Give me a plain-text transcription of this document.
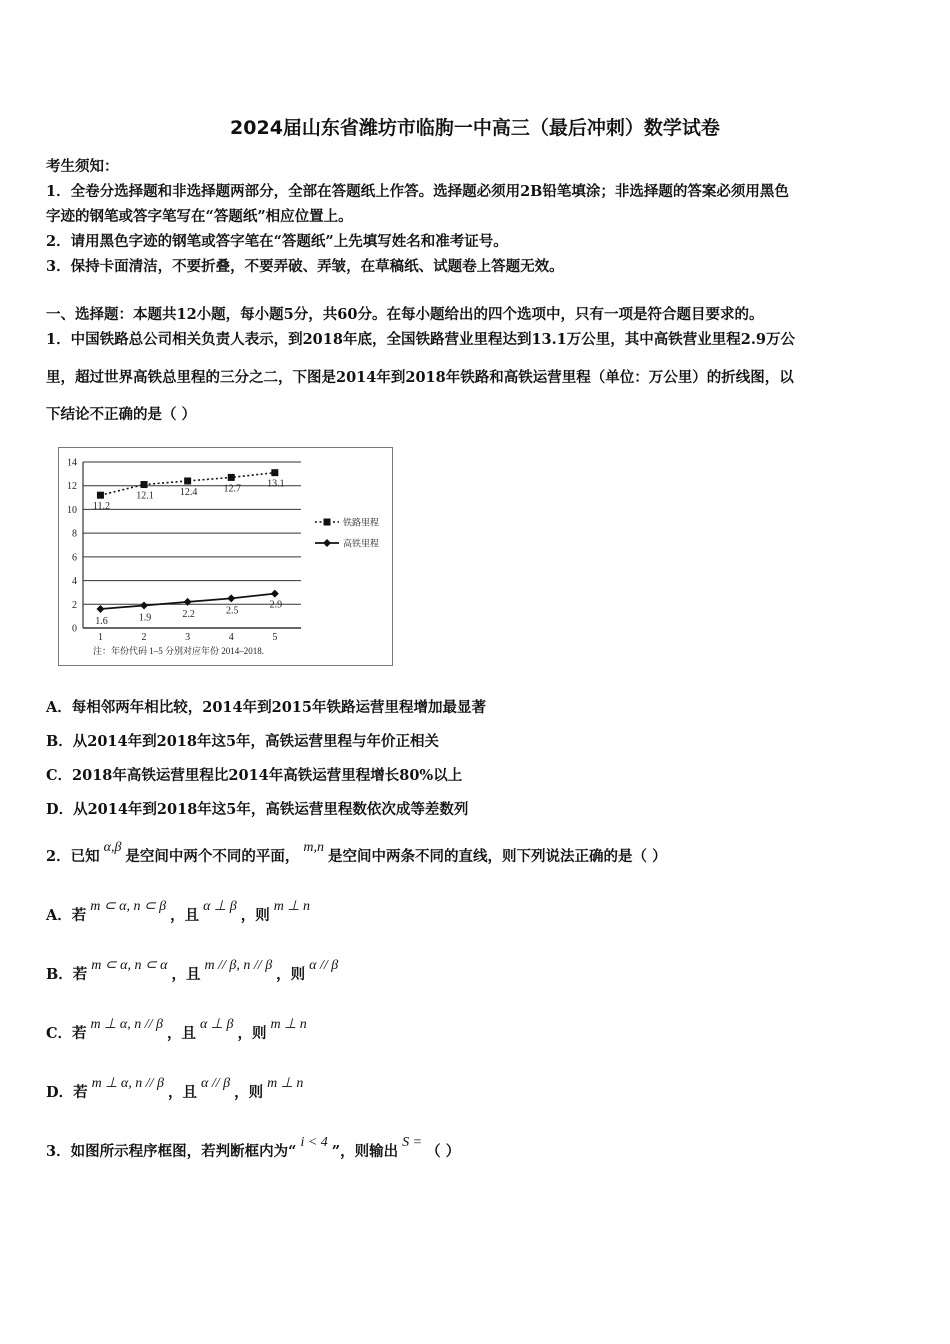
2024届山东省潍坊市临朐一中高三（最后冲刺）数学试卷
考生须知：
1．全卷分选择题和非选择题两部分，全部在答题纸上作答。选择题必须用2B铅笔填涂；非选择题的答案必须用黑色
字迹的钢笔或答字笔写在“答题纸”相应位置上。
2．请用黑色字迹的钢笔或答字笔在“答题纸”上先填写姓名和准考证号。
3．保持卡面清洁，不要折叠，不要弄破、弄皱，在草稿纸、试题卷上答题无效。
一、选择题：本题共12小题，每小题5分，共60分。在每小题给出的四个选项中，只有一项是符合题目要求的。
1．中国铁路总公司相关负责人表示，到2018年底，全国铁路营业里程达到13.1万公里，其中高铁营业里程2.9万公
里，超过世界高铁总里程的三分之二，下图是2014年到2018年铁路和高铁运营里程（单位：万公里）的折线图，以
下结论不正确的是（ ）
0
2
4
6
8
10
12
14
1	2	3	4	5
11.2
12.1	12.4	12.7	13.1
1.6	1.9	2.2	2.5
2.9
铁路里程
高铁里程
注：年份代码 1–5 分别对应年份 2014–2018.
A．每相邻两年相比较，2014年到2015年铁路运营里程增加最显著
B．从2014年到2018年这5年，高铁运营里程与年价正相关
C．2018年高铁运营里程比2014年高铁运营里程增长80%以上
D．从2014年到2018年这5年，高铁运营里程数依次成等差数列
2．已知α,β是空间中两个不同的平面，m,n是空间中两条不同的直线，则下列说法正确的是（ ）
A．若m ⊂ α, n ⊂ β，且α ⊥ β，则m ⊥ n
B．若m ⊂ α, n ⊂ α，且m // β, n // β，则α // β
C．若m ⊥ α, n // β，且α ⊥ β，则m ⊥ n
D．若m ⊥ α, n // β，且α // β，则m ⊥ n
3．如图所示程序框图，若判断框内为“i < 4”，则输出S =（ ）
